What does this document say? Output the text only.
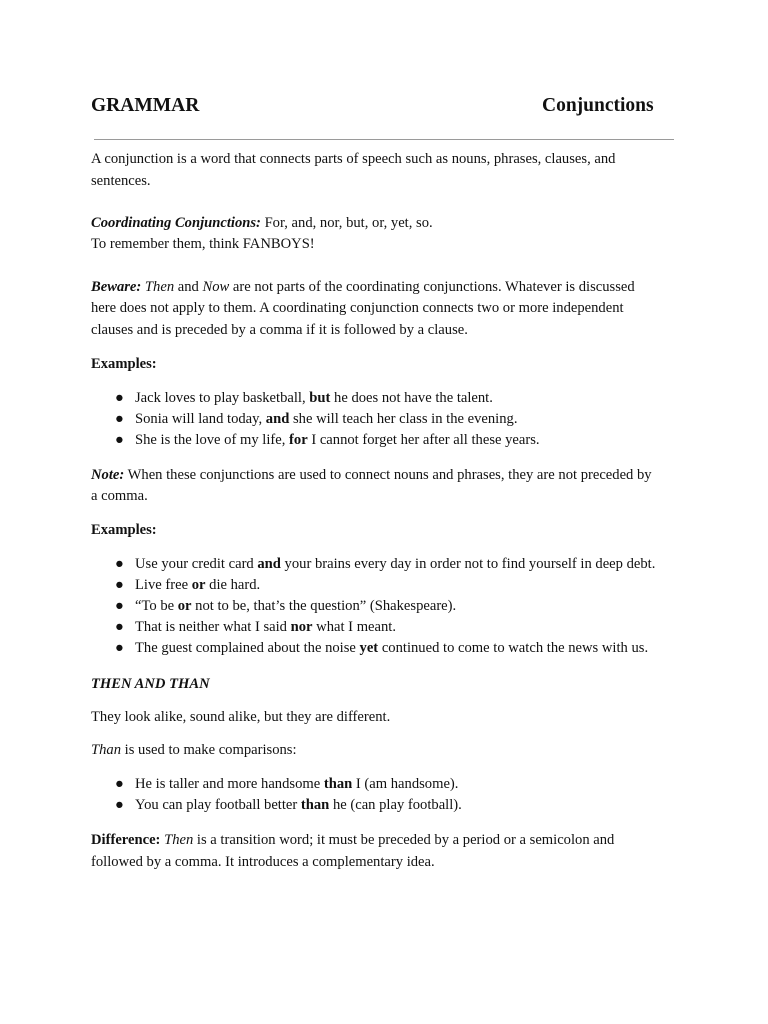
GRAMMAR	Conjunctions
A conjunction is a word that connects parts of speech such as nouns, phrases, clauses, and
sentences.
Coordinating Conjunctions: For, and, nor, but, or, yet, so.
To remember them, think FANBOYS!
Beware: Then and Now are not parts of the coordinating conjunctions. Whatever is discussed
here does not apply to them. A coordinating conjunction connects two or more independent
clauses and is preceded by a comma if it is followed by a clause.
Examples:
● Jack loves to play basketball, but he does not have the talent.
● Sonia will land today, and she will teach her class in the evening.
● She is the love of my life, for I cannot forget her after all these years.
Note: When these conjunctions are used to connect nouns and phrases, they are not preceded by
a comma.
Examples:
● Use your credit card and your brains every day in order not to find yourself in deep debt.
● Live free or die hard.
● “To be or not to be, that’s the question” (Shakespeare).
● That is neither what I said nor what I meant.
● The guest complained about the noise yet continued to come to watch the news with us.
THEN AND THAN
They look alike, sound alike, but they are different.
Than is used to make comparisons:
● He is taller and more handsome than I (am handsome).
● You can play football better than he (can play football).
Difference: Then is a transition word; it must be preceded by a period or a semicolon and
followed by a comma. It introduces a complementary idea.
